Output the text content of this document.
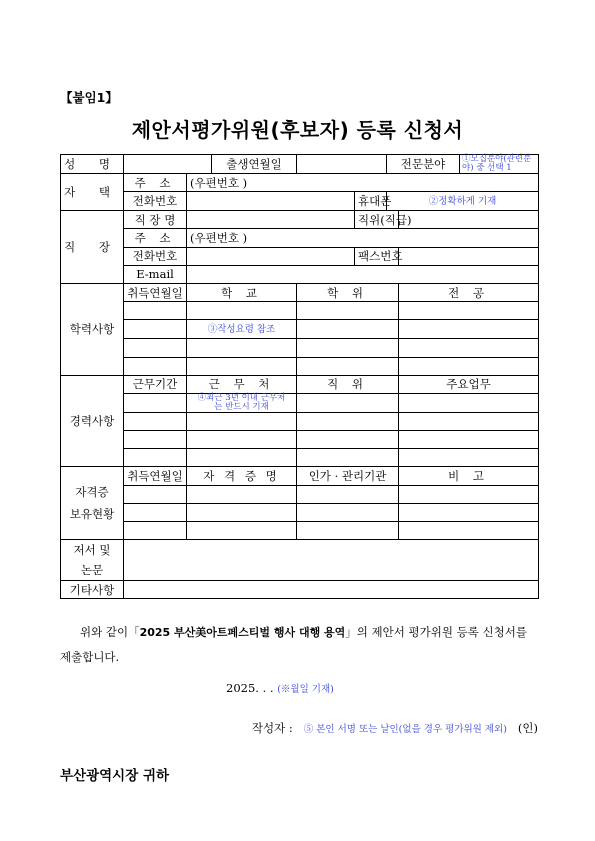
【붙임1】
제안서평가위원(후보자) 등록 신청서
성 명			출생연월일			전문분야		①모집분야(관련분야) 중 선택 1

자 택	주 소	(우편번호 )						
	전화번호				휴대폰	②정확하게 기재		
직 장	직 장 명				직위(직급)			
	주 소	(우편번호 )						
	전화번호				팩스번호			
	E-mail							
학력사항	취득연월일	학 교		학 위			전 공	

		③작성요령 참조						

경력사항	근무기간	근 무 처		직 위			주요업무	

		④최근 3년 이내 근무처는 반드시 기재						

자격증
보유현황	취득연월일	자 격 증 명		인가 · 관리기관			비 고	

저서 및
논문								
기타사항								
위와 같이「2025 부산美아트페스티벌 행사 대행 용역」의 제안서 평가위원 등록 신청서를 제출합니다.
2025. . . (※월일 기재)
작성자 : ⑤ 본인 서명 또는 날인(없을 경우 평가위원 제외) (인)
부산광역시장 귀하
